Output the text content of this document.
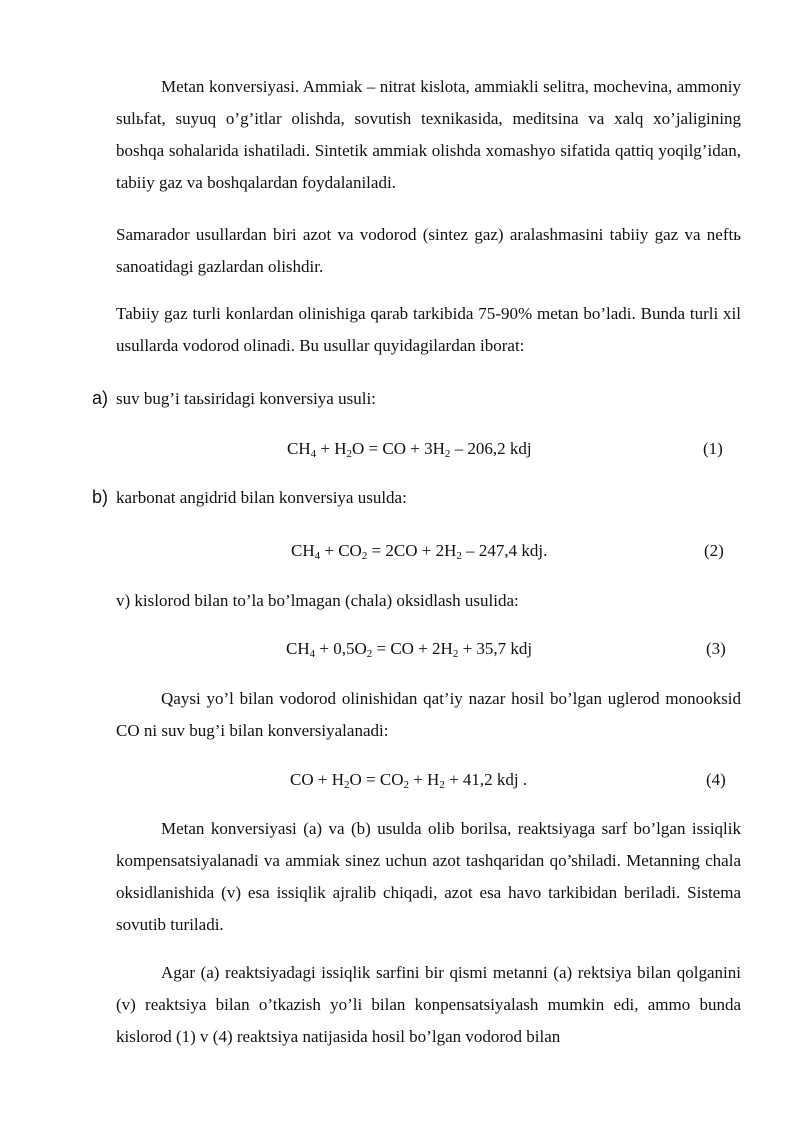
Metan konversiyasi. Ammiak – nitrat kislota, ammiakli selitra, mochevina, ammoniy sulьfat, suyuq o’g’itlar olishda, sovutish texnikasida, meditsina va xalq xo’jaligining boshqa sohalarida ishatiladi. Sintetik ammiak olishda xomashyo sifatida qattiq yoqilg’idan, tabiiy gaz va boshqalardan foydalaniladi.

Samarador usullardan biri azot va vodorod (sintez gaz) aralashmasini tabiiy gaz va neftь sanoatidagi gazlardan olishdir.

Tabiiy gaz turli konlardan olinishiga qarab tarkibida 75-90% metan bo’ladi. Bunda turli xil usullarda vodorod olinadi. Bu usullar quyidagilardan iborat:

a) suv bug’i taьsiridagi konversiya usuli:
$CH_4 + H_2O$ = CO + $3H_2 - 206,2$ kdj	(1)
b) karbonat angidrid bilan konversiya usulda:
$CH_4 + CO_2 = 2CO + 2H_2 - 247,4$ kdj.	(2)
v) kislorod bilan to’la bo’lmagan (chala) oksidlash usulida:
$CH_4 + 0,5O_2$ = CO + $2H_2 + 35,7$ kdj	(3)

Qaysi yo’l bilan vodorod olinishidan qat’iy nazar hosil bo’lgan uglerod monooksid CO ni suv bug’i bilan konversiyalanadi:

CO + $H_2O = CO_2 + H_2 + 41,2$ kdj .	(4)

Metan konversiyasi (a) va (b) usulda olib borilsa, reaktsiyaga sarf bo’lgan issiqlik kompensatsiyalanadi va ammiak sinez uchun azot tashqaridan qo’shiladi. Metanning chala oksidlanishida (v) esa issiqlik ajralib chiqadi, azot esa havo tarkibidan beriladi. Sistema sovutib turiladi.

Agar (a) reaktsiyadagi issiqlik sarfini bir qismi metanni (a) rektsiya bilan qolganini (v) reaktsiya bilan o’tkazish yo’li bilan konpensatsiyalash mumkin edi, ammo bunda kislorod (1) v (4) reaktsiya natijasida hosil bo’lgan vodorod bilan
